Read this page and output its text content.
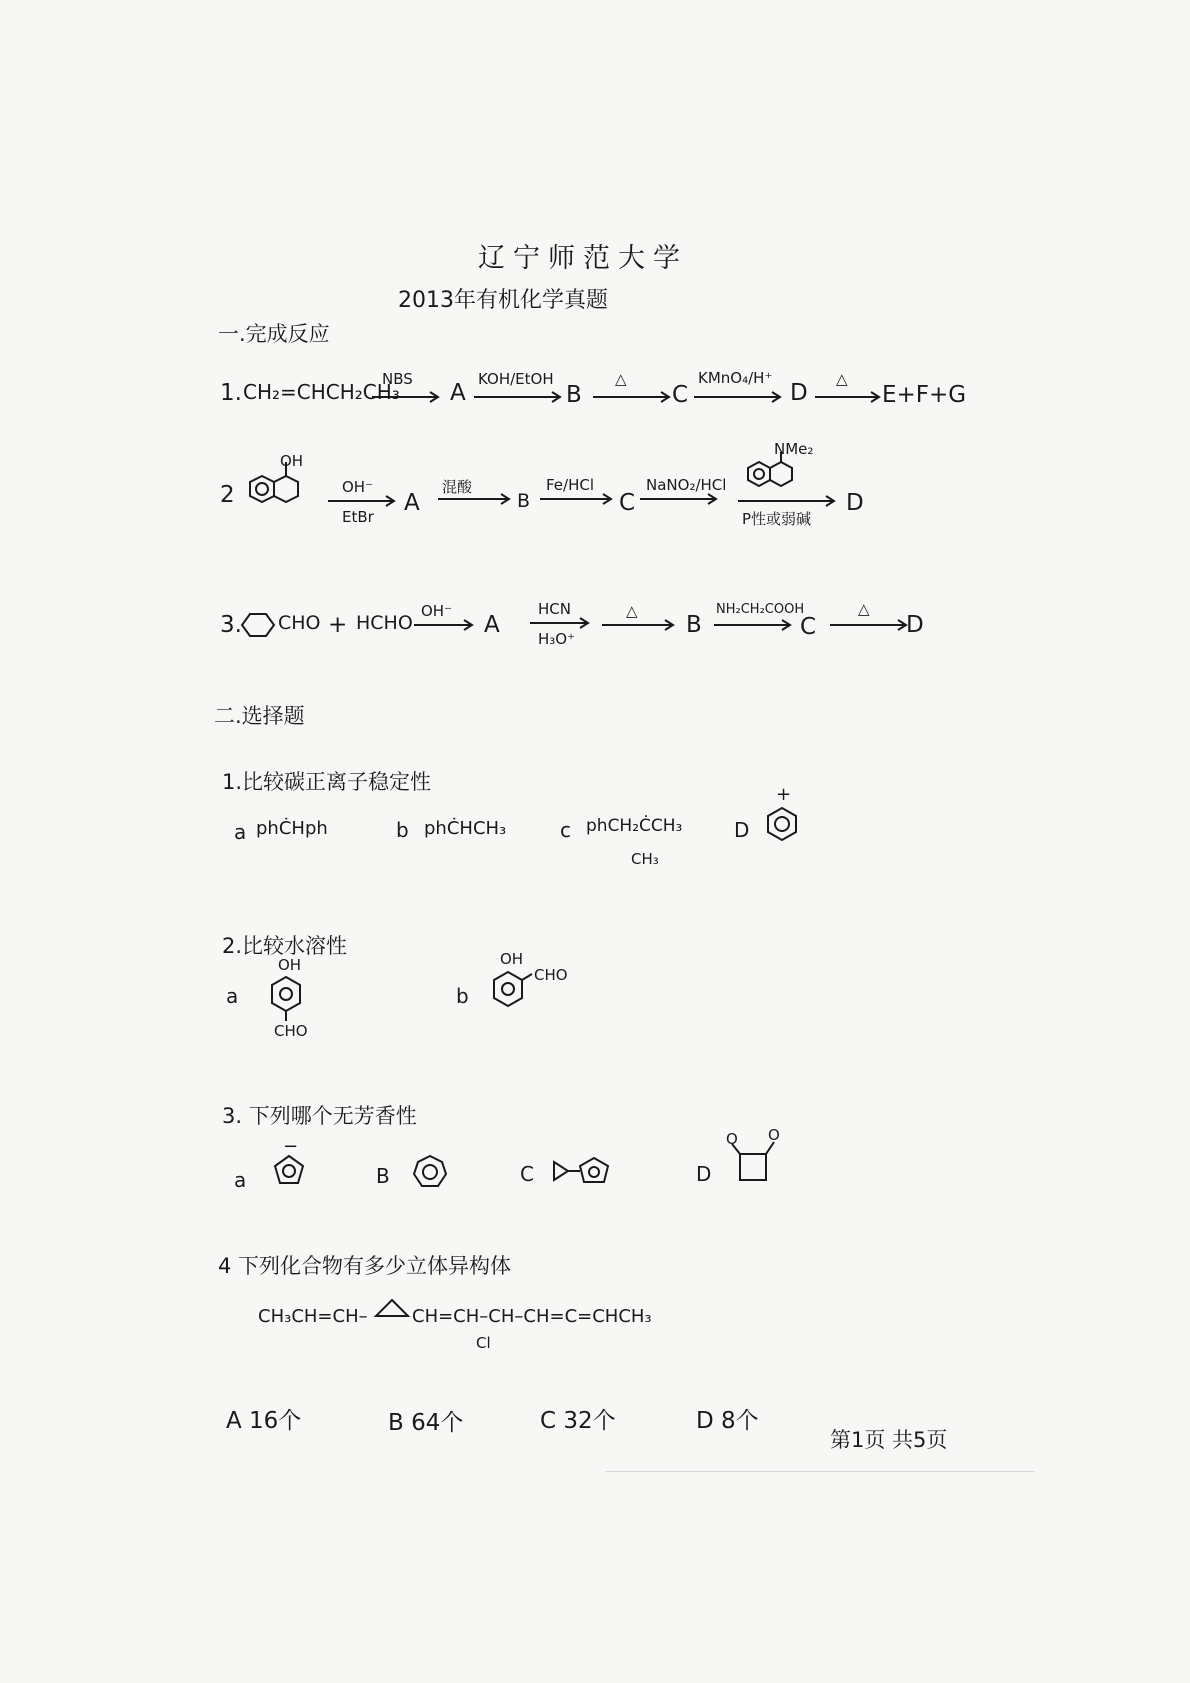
辽宁师范大学
2013年有机化学真题
一.完成反应
1. CH₂=CHCH₂CH₃
NBS
A
KOH/EtOH
B
△
C
KMnO₄/H⁺
D
△
E+F+G
2
OH
OH⁻
EtBr
A
混酸
B
Fe/HCl
C
NaNO₂/HCl
NMe₂
P性或弱碱
D
3. CHO + HCHO
OH⁻
→ A
HCN
H₃O⁺
△
B
NH₂CH₂COOH
C
△
D
二.选择题
1.比较碳正离子稳定性
a phĊHph	b phĊHCH₃	c phCH₂ĊCH₃
CH₃
D
+
2.比较水溶性
a
OH
CHO
b
OH
CHO
3. 下列哪个无芳香性
a
−
B	C	D
O O
4 下列化合物有多少立体异构体
CH₃CH=CH– CH=CH–CH–CH=C=CHCH₃
Cl
A 16个	B 64个	C 32个	D 8个
第1页 共5页
